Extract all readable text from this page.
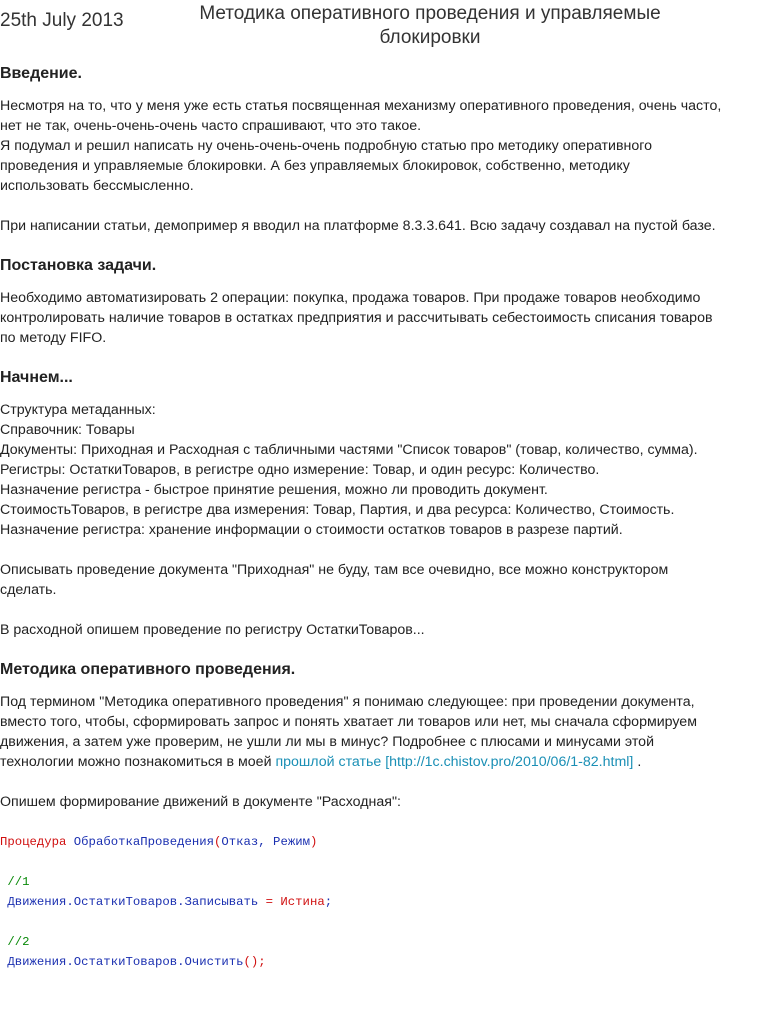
25th July 2013	Методика оперативного проведения и управляемые блокировки
Введение.

Несмотря на то, что у меня уже есть статья посвященная механизму оперативного проведения, очень часто,
нет не так, очень-очень-очень часто спрашивают, что это такое.

Я подумал и решил написать ну очень-очень-очень подробную статью про методику оперативного
проведения и управляемые блокировки. А без управляемых блокировок, собственно, методику
использовать бессмысленно.

При написании статьи, демопример я вводил на платформе 8.3.3.641. Всю задачу создавал на пустой базе.

Постановка задачи.

Необходимо автоматизировать 2 операции: покупка, продажа товаров. При продаже товаров необходимо
контролировать наличие товаров в остатках предприятия и рассчитывать себестоимость списания товаров
по методу FIFO.

Начнем...

Структура метаданных:
Справочник: Товары
Документы: Приходная и Расходная с табличными частями "Список товаров" (товар, количество, сумма).
Регистры: ОстаткиТоваров, в регистре одно измерение: Товар, и один ресурс: Количество.
Назначение регистра - быстрое принятие решения, можно ли проводить документ.
СтоимостьТоваров, в регистре два измерения: Товар, Партия, и два ресурса: Количество, Стоимость.
Назначение регистра: хранение информации о стоимости остатков товаров в разрезе партий.

Описывать проведение документа "Приходная" не буду, там все очевидно, все можно конструктором
сделать.

В расходной опишем проведение по регистру ОстаткиТоваров...

Методика оперативного проведения.

Под термином "Методика оперативного проведения" я понимаю следующее: при проведении документа,
вместо того, чтобы, сформировать запрос и понять хватает ли товаров или нет, мы сначала сформируем
движения, а затем уже проверим, не ушли ли мы в минус? Подробнее с плюсами и минусами этой
технологии можно познакомиться в моей прошлой статье [http://1c.chistov.pro/2010/06/1-82.html] .

Опишем формирование движений в документе "Расходная":

Процедура ОбработкаПроведения(Отказ, Режим)
//1
Движения.ОстаткиТоваров.Записывать = Истина;
//2
Движения.ОстаткиТоваров.Очистить();
